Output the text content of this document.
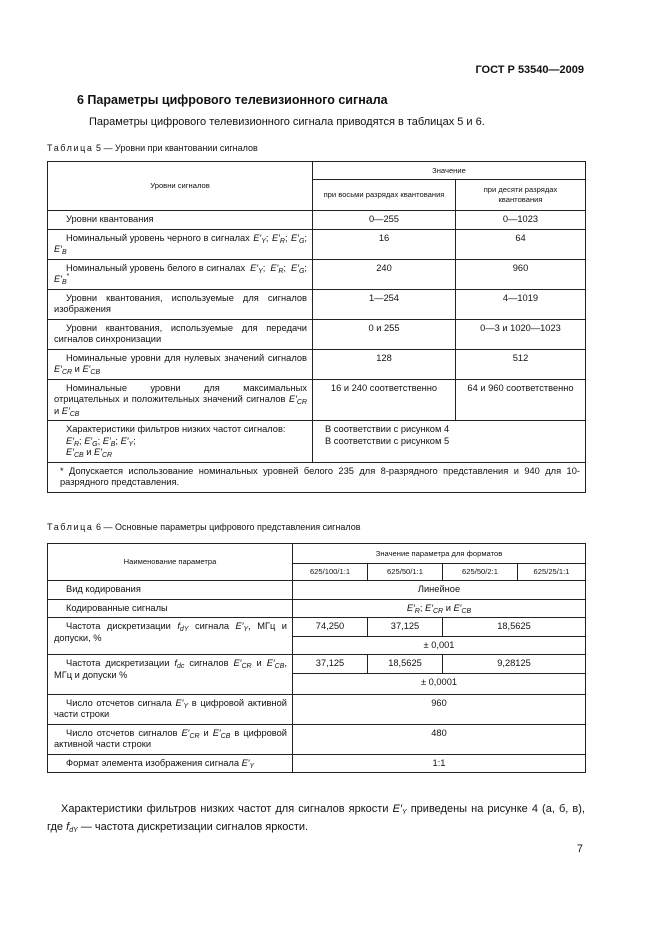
ГОСТ Р 53540—2009
6 Параметры цифрового телевизионного сигнала
Параметры цифрового телевизионного сигнала приводятся в таблицах 5 и 6.
Таблица 5 — Уровни при квантовании сигналов
Уровни сигналов	Значение	
	при восьми разрядах квантования	при десяти разрядах квантования
Уровни квантования	0—255	0—1023
Номинальный уровень черного в сигналах $E'_Y$; $E'_R$; $E'_G$; $E'_B$	16	64
Номинальный уровень белого в сигналах $E'_Y$; $E'_R$; $E'_G$; $E'_B^*$	240	960
Уровни квантования, используемые для сигналов изображения	1—254	4—1019
Уровни квантования, используемые для передачи сигналов синхронизации	0 и 255	0—3 и 1020—1023
Номинальные уровни для нулевых значений сигналов $E'_{CR}$ и $E'_{CB}$	128	512
Номинальные уровни для максимальных отрицательных и положительных значений сигналов $E'_{CR}$ и $E'_{CB}$	16 и 240 соответственно	64 и 960 соответственно
Характеристики фильтров низких частот сигналов:
$E'_R$; $E'_G$; $E'_B$; $E'_Y$;
$E'_{CB}$ и $E'_{CR}$	В соответствии с рисунком 4
В соответствии с рисунком 5	
* Допускается использование номинальных уровней белого 235 для 8-разрядного представления и 940 для 10-разрядного представления.		
Таблица 6 — Основные параметры цифрового представления сигналов
Наименование параметра	Значение параметра для форматов			
	625/100/1:1	625/50/1:1	625/50/2:1	625/25/1:1
Вид кодирования	Линейное			
Кодированные сигналы	$E'_R$; $E'_{CR}$ и $E'_{CB}$
Частота дискретизации $f_{dY}$ сигнала $E'_Y$, МГц и допуски, %	74,250	37,125	18,5625	
	± 0,001			
Частота дискретизации $f_{dc}$ сигналов $E'_{CR}$ и $E'_{CB}$, МГц и допуски %	37,125	18,5625	9,28125	
	± 0,0001			
Число отсчетов сигнала $E'_Y$ в цифровой активной части строки	960			
Число отсчетов сигналов $E'_{CR}$ и $E'_{CB}$ в цифровой активной части строки	480			
Формат элемента изображения сигнала $E'_Y$	1:1			
Характеристики фильтров низких частот для сигналов яркости $E'_Y$ приведены на рисунке 4 (а, б, в), где $f_{dY}$ — частота дискретизации сигналов яркости.
7
